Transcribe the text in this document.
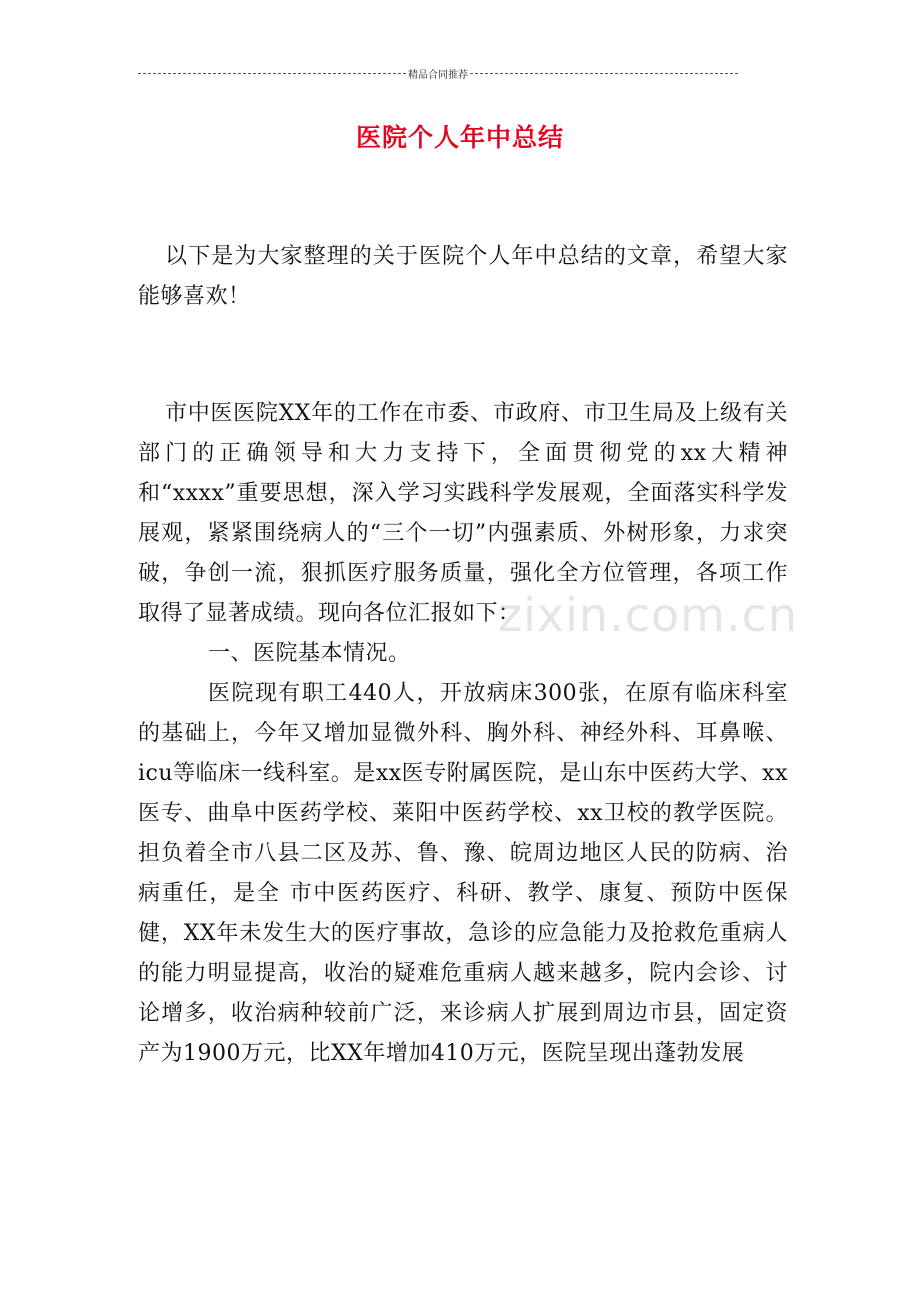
精品合同推荐
医院个人年中总结

以下是为大家整理的关于医院个人年中总结的文章，希望大家能够喜欢！

市中医医院XX年的工作在市委、市政府、市卫生局及上级有关部门的正确领导和大力支持下，全面贯彻党的xx大精神和“xxxx”重要思想，深入学习实践科学发展观，全面落实科学发展观，紧紧围绕病人的“三个一切”内强素质、外树形象，力求突破，争创一流，狠抓医疗服务质量，强化全方位管理，各项工作取得了显著成绩。现向各位汇报如下：

一、医院基本情况。

医院现有职工440人，开放病床300张，在原有临床科室的基础上，今年又增加显微外科、胸外科、神经外科、耳鼻喉、icu等临床一线科室。是xx医专附属医院，是山东中医药大学、xx医专、曲阜中医药学校、莱阳中医药学校、xx卫校的教学医院。担负着全市八县二区及苏、鲁、豫、皖周边地区人民的防病、治病重任，是全 市中医药医疗、科研、教学、康复、预防中医保健，XX年未发生大的医疗事故，急诊的应急能力及抢救危重病人的能力明显提高，收治的疑难危重病人越来越多，院内会诊、讨论增多，收治病种较前广泛，来诊病人扩展到周边市县，固定资产为1900万元，比XX年增加410万元，医院呈现出蓬勃发展

zixin.com.cn
